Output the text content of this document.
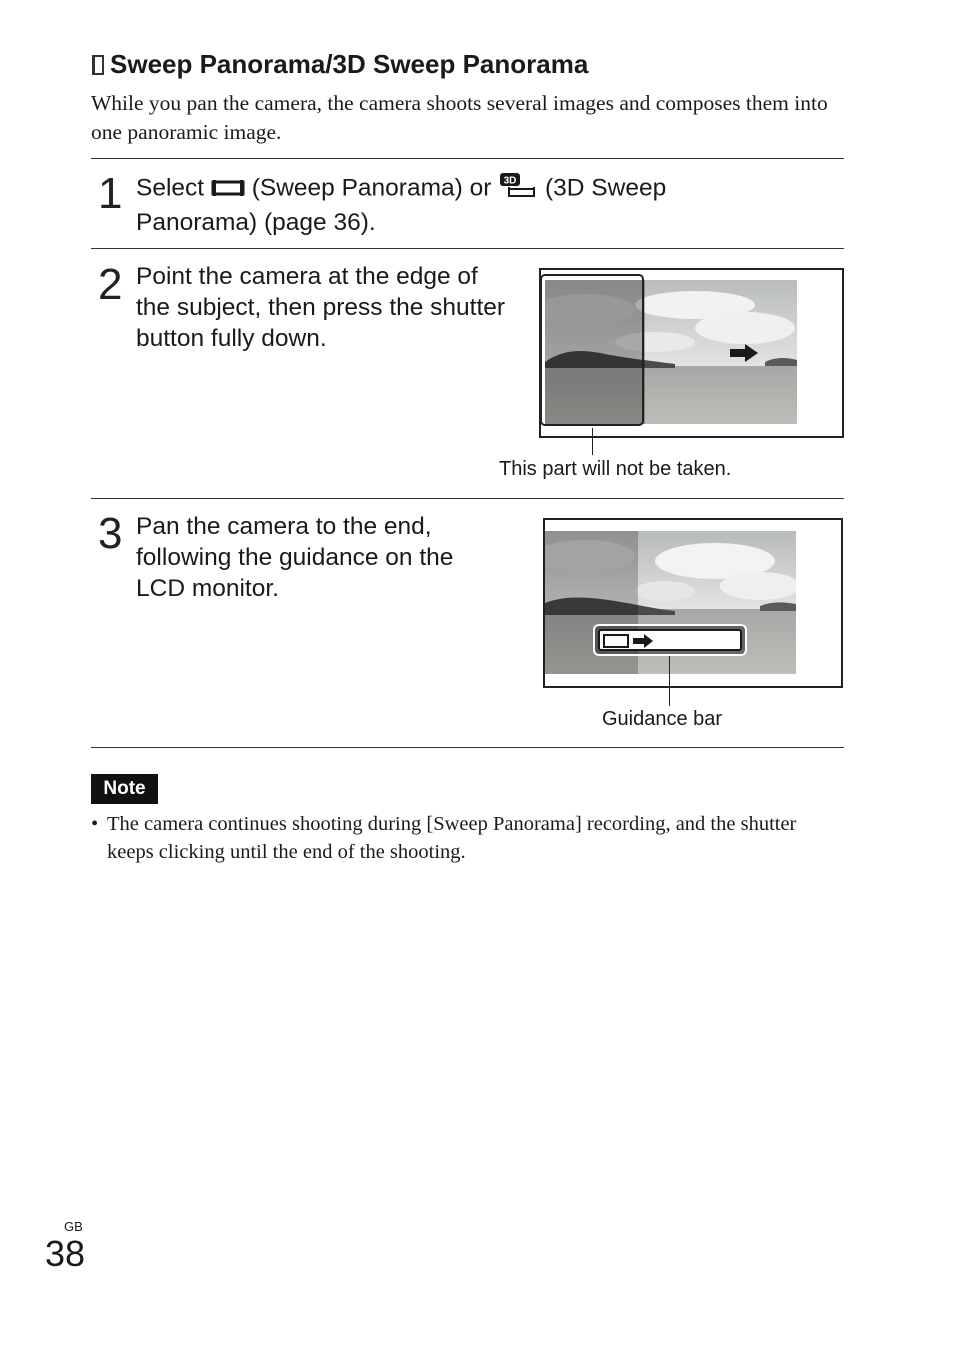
Sweep Panorama/3D Sweep Panorama
While you pan the camera, the camera shoots several images and composes them into one panoramic image.
1 Select  (Sweep Panorama) or 3D (3D Sweep Panorama) (page 36).
2 Point the camera at the edge of the subject, then press the shutter button fully down.
This part will not be taken.
3 Pan the camera to the end, following the guidance on the LCD monitor.
Guidance bar
Note
• The camera continues shooting during [Sweep Panorama] recording, and the shutter keeps clicking until the end of the shooting.
GB
38
